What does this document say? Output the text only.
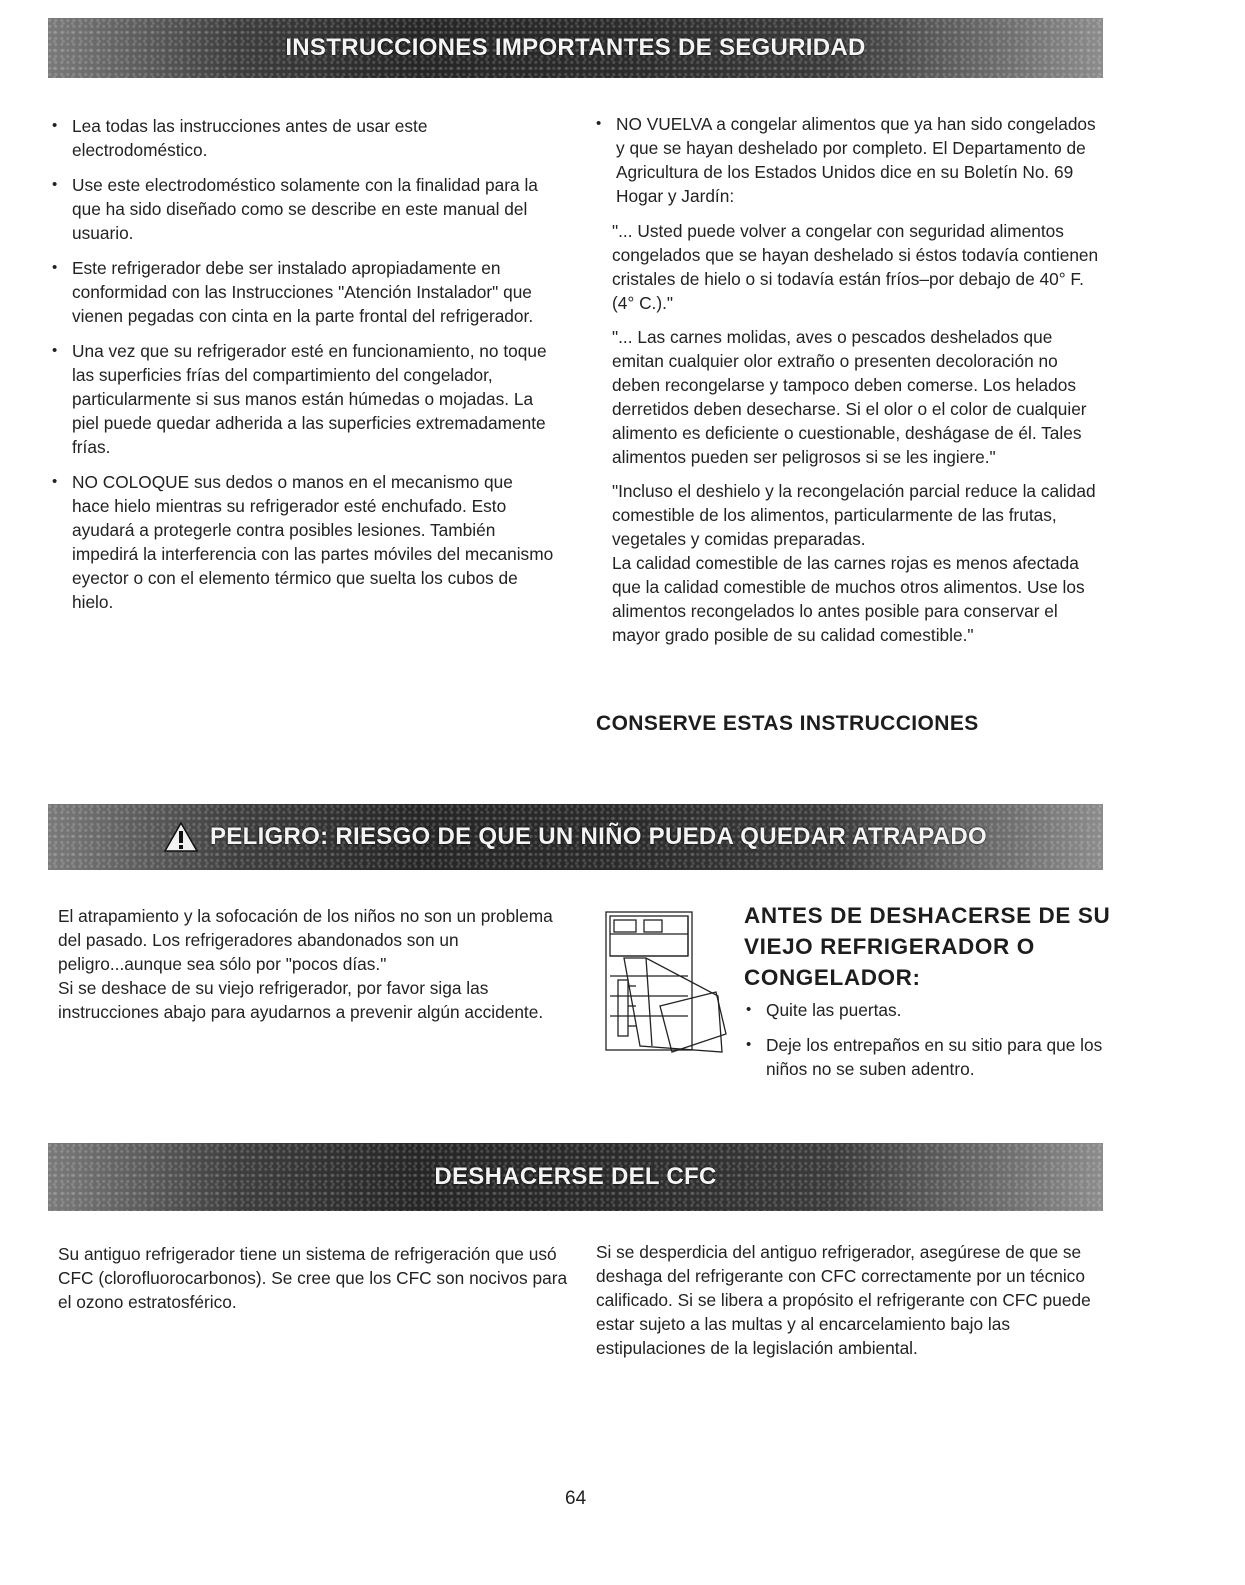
INSTRUCCIONES IMPORTANTES DE SEGURIDAD
• Lea todas las instrucciones antes de usar este electrodoméstico.
• Use este electrodoméstico solamente con la finalidad para la que ha sido diseñado como se describe en este manual del usuario.
• Este refrigerador debe ser instalado apropiadamente en conformidad con las Instrucciones "Atención Instalador" que vienen pegadas con cinta en la parte frontal del refrigerador.
• Una vez que su refrigerador esté en funcionamiento, no toque las superficies frías del compartimiento del congelador, particularmente si sus manos están húmedas o mojadas. La piel puede quedar adherida a las superficies extremadamente frías.
• NO COLOQUE sus dedos o manos en el mecanismo que hace hielo mientras su refrigerador esté enchufado. Esto ayudará a protegerle contra posibles lesiones. También impedirá la interferencia con las partes móviles del mecanismo eyector o con el elemento térmico que suelta los cubos de hielo.
• NO VUELVA a congelar alimentos que ya han sido congelados y que se hayan deshelado por completo. El Departamento de Agricultura de los Estados Unidos dice en su Boletín No. 69 Hogar y Jardín:

"... Usted puede volver a congelar con seguridad alimentos congelados que se hayan deshelado si éstos todavía contienen cristales de hielo o si todavía están fríos–por debajo de 40° F. (4° C.)."

"... Las carnes molidas, aves o pescados deshelados que emitan cualquier olor extraño o presenten decoloración no deben recongelarse y tampoco deben comerse. Los helados derretidos deben desecharse. Si el olor o el color de cualquier alimento es deficiente o cuestionable, deshágase de él. Tales alimentos pueden ser peligrosos si se les ingiere."

"Incluso el deshielo y la recongelación parcial reduce la calidad comestible de los alimentos, particularmente de las frutas, vegetales y comidas preparadas.

La calidad comestible de las carnes rojas es menos afectada que la calidad comestible de muchos otros alimentos. Use los alimentos recongelados lo antes posible para conservar el mayor grado posible de su calidad comestible."

CONSERVE ESTAS INSTRUCCIONES
PELIGRO: RIESGO DE QUE UN NIÑO PUEDA QUEDAR ATRAPADO

El atrapamiento y la sofocación de los niños no son un problema del pasado. Los refrigeradores abandonados son un peligro...aunque sea sólo por "pocos días."

Si se deshace de su viejo refrigerador, por favor siga las instrucciones abajo para ayudarnos a prevenir algún accidente.

ANTES DE DESHACERSE DE SU VIEJO REFRIGERADOR O CONGELADOR:
• Quite las puertas.
• Deje los entrepaños en su sitio para que los niños no se suben adentro.
DESHACERSE DEL CFC

Su antiguo refrigerador tiene un sistema de refrigeración que usó CFC (clorofluorocarbonos). Se cree que los CFC son nocivos para el ozono estratosférico.

Si se desperdicia del antiguo refrigerador, asegúrese de que se deshaga del refrigerante con CFC correctamente por un técnico calificado. Si se libera a propósito el refrigerante con CFC puede estar sujeto a las multas y al encarcelamiento bajo las estipulaciones de la legislación ambiental.

64
